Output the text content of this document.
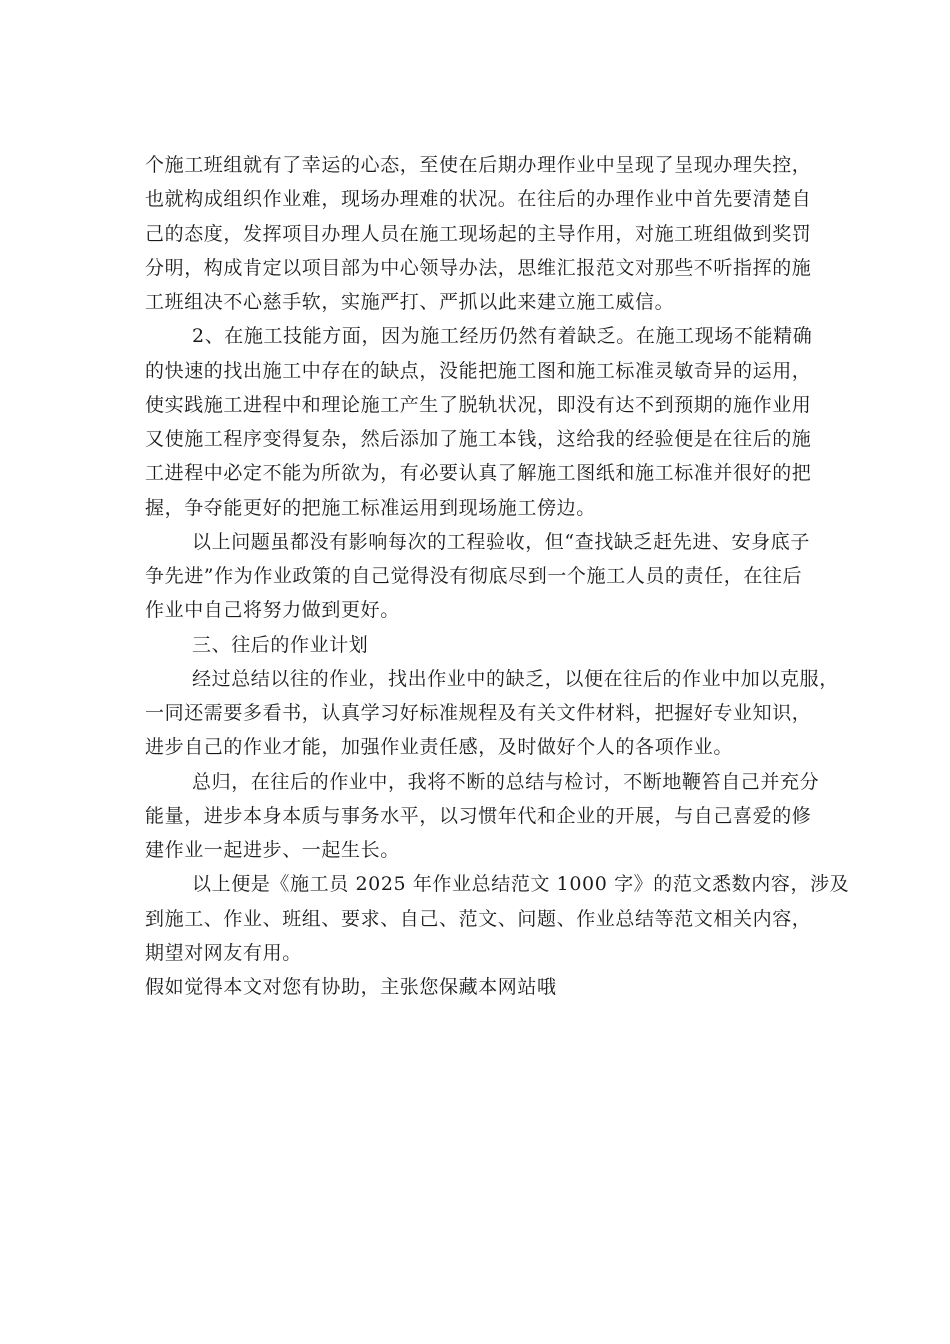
个施工班组就有了幸运的心态，至使在后期办理作业中呈现了呈现办理失控，
也就构成组织作业难，现场办理难的状况。在往后的办理作业中首先要清楚自
己的态度，发挥项目办理人员在施工现场起的主导作用，对施工班组做到奖罚
分明，构成肯定以项目部为中心领导办法，思维汇报范文对那些不听指挥的施
工班组决不心慈手软，实施严打、严抓以此来建立施工威信。
2、在施工技能方面，因为施工经历仍然有着缺乏。在施工现场不能精确
的快速的找出施工中存在的缺点，没能把施工图和施工标准灵敏奇异的运用，
使实践施工进程中和理论施工产生了脱轨状况，即没有达不到预期的施作业用
又使施工程序变得复杂，然后添加了施工本钱，这给我的经验便是在往后的施
工进程中必定不能为所欲为，有必要认真了解施工图纸和施工标准并很好的把
握，争夺能更好的把施工标准运用到现场施工傍边。
以上问题虽都没有影响每次的工程验收，但“查找缺乏赶先进、安身底子
争先进”作为作业政策的自己觉得没有彻底尽到一个施工人员的责任，在往后
作业中自己将努力做到更好。
三、往后的作业计划
经过总结以往的作业，找出作业中的缺乏，以便在往后的作业中加以克服，
一同还需要多看书，认真学习好标准规程及有关文件材料，把握好专业知识，
进步自己的作业才能，加强作业责任感，及时做好个人的各项作业。
总归，在往后的作业中，我将不断的总结与检讨，不断地鞭笞自己并充分
能量，进步本身本质与事务水平，以习惯年代和企业的开展，与自己喜爱的修
建作业一起进步、一起生长。
以上便是《施工员 2025 年作业总结范文 1000 字》的范文悉数内容，涉及
到施工、作业、班组、要求、自己、范文、问题、作业总结等范文相关内容，
期望对网友有用。
假如觉得本文对您有协助，主张您保藏本网站哦
